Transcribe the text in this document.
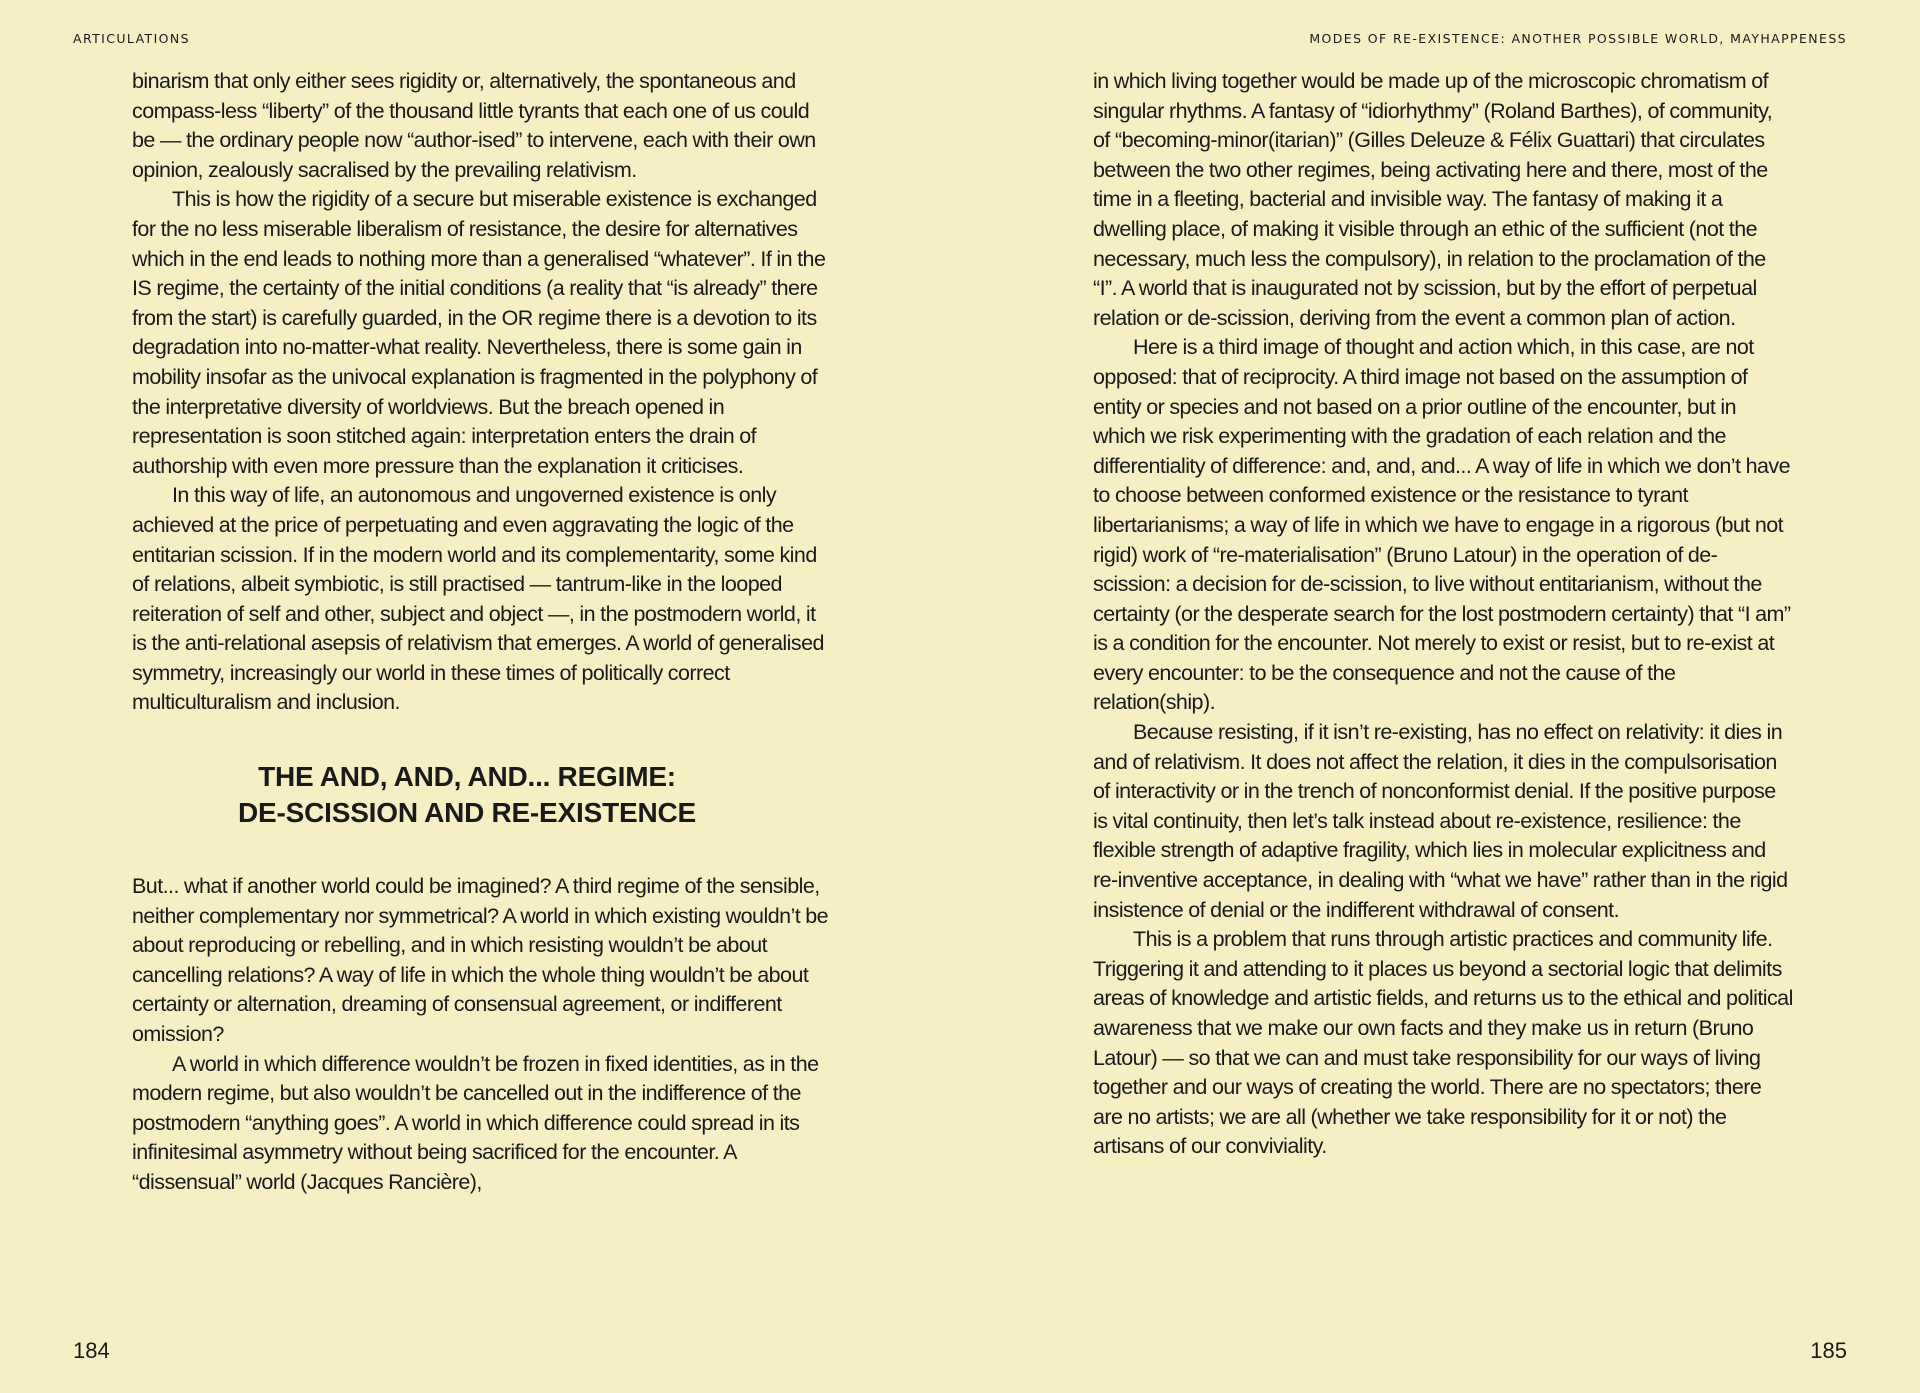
ARTICULATIONS

binarism that only either sees rigidity or, alternatively, the spontaneous and compass-less “liberty” of the thousand little tyrants that each one of us could be — the ordinary people now “author-ised” to intervene, each with their own opinion, zealously sacralised by the prevailing relativism.

This is how the rigidity of a secure but miserable existence is exchanged for the no less miserable liberalism of resistance, the desire for alternatives which in the end leads to nothing more than a generalised “whatever”. If in the IS regime, the certainty of the initial conditions (a reality that “is already” there from the start) is carefully guarded, in the OR regime there is a devotion to its degradation into no-matter-what reality. Nevertheless, there is some gain in mobility insofar as the univocal explanation is fragmented in the polyphony of the interpretative diversity of worldviews. But the breach opened in representation is soon stitched again: interpretation enters the drain of authorship with even more pressure than the explanation it criticises.

In this way of life, an autonomous and ungoverned existence is only achieved at the price of perpetuating and even aggravating the logic of the entitarian scission. If in the modern world and its complementarity, some kind of relations, albeit symbiotic, is still practised — tantrum-like in the looped reiteration of self and other, subject and object —, in the postmodern world, it is the anti-relational asepsis of relativism that emerges. A world of generalised symmetry, increasingly our world in these times of politically correct multiculturalism and inclusion.

THE AND, AND, AND... REGIME:
DE-SCISSION AND RE-EXISTENCE

But... what if another world could be imagined? A third regime of the sensible, neither complementary nor symmetrical? A world in which existing wouldn’t be about reproducing or rebelling, and in which resisting wouldn’t be about cancelling relations? A way of life in which the whole thing wouldn’t be about certainty or alternation, dreaming of consensual agreement, or indifferent omission?

A world in which difference wouldn’t be frozen in fixed identities, as in the modern regime, but also wouldn’t be cancelled out in the indifference of the postmodern “anything goes”. A world in which difference could spread in its infinitesimal asymmetry without being sacrificed for the encounter. A “dissensual” world (Jacques Rancière),

184
MODES OF RE-EXISTENCE: ANOTHER POSSIBLE WORLD, MAYHAPPENESS

in which living together would be made up of the microscopic chromatism of singular rhythms. A fantasy of “idiorhythmy” (Roland Barthes), of community, of “becoming-minor(itarian)” (Gilles Deleuze & Félix Guattari) that circulates between the two other regimes, being activating here and there, most of the time in a fleeting, bacterial and invisible way. The fantasy of making it a dwelling place, of making it visible through an ethic of the sufficient (not the necessary, much less the compulsory), in relation to the proclamation of the “I”. A world that is inaugurated not by scission, but by the effort of perpetual relation or de-scission, deriving from the event a common plan of action.

Here is a third image of thought and action which, in this case, are not opposed: that of reciprocity. A third image not based on the assumption of entity or species and not based on a prior outline of the encounter, but in which we risk experimenting with the gradation of each relation and the differentiality of difference: and, and, and... A way of life in which we don’t have to choose between conformed existence or the resistance to tyrant libertarianisms; a way of life in which we have to engage in a rigorous (but not rigid) work of “re-materialisation” (Bruno Latour) in the operation of de-scission: a decision for de-scission, to live without entitarianism, without the certainty (or the desperate search for the lost postmodern certainty) that “I am” is a condition for the encounter. Not merely to exist or resist, but to re-exist at every encounter: to be the consequence and not the cause of the relation(ship).

Because resisting, if it isn’t re-existing, has no effect on relativity: it dies in and of relativism. It does not affect the relation, it dies in the compulsorisation of interactivity or in the trench of nonconformist denial. If the positive purpose is vital continuity, then let’s talk instead about re-existence, resilience: the flexible strength of adaptive fragility, which lies in molecular explicitness and re-inventive acceptance, in dealing with “what we have” rather than in the rigid insistence of denial or the indifferent withdrawal of consent.

This is a problem that runs through artistic practices and community life. Triggering it and attending to it places us beyond a sectorial logic that delimits areas of knowledge and artistic fields, and returns us to the ethical and political awareness that we make our own facts and they make us in return (Bruno Latour) — so that we can and must take responsibility for our ways of living together and our ways of creating the world. There are no spectators; there are no artists; we are all (whether we take responsibility for it or not) the artisans of our conviviality.

185
